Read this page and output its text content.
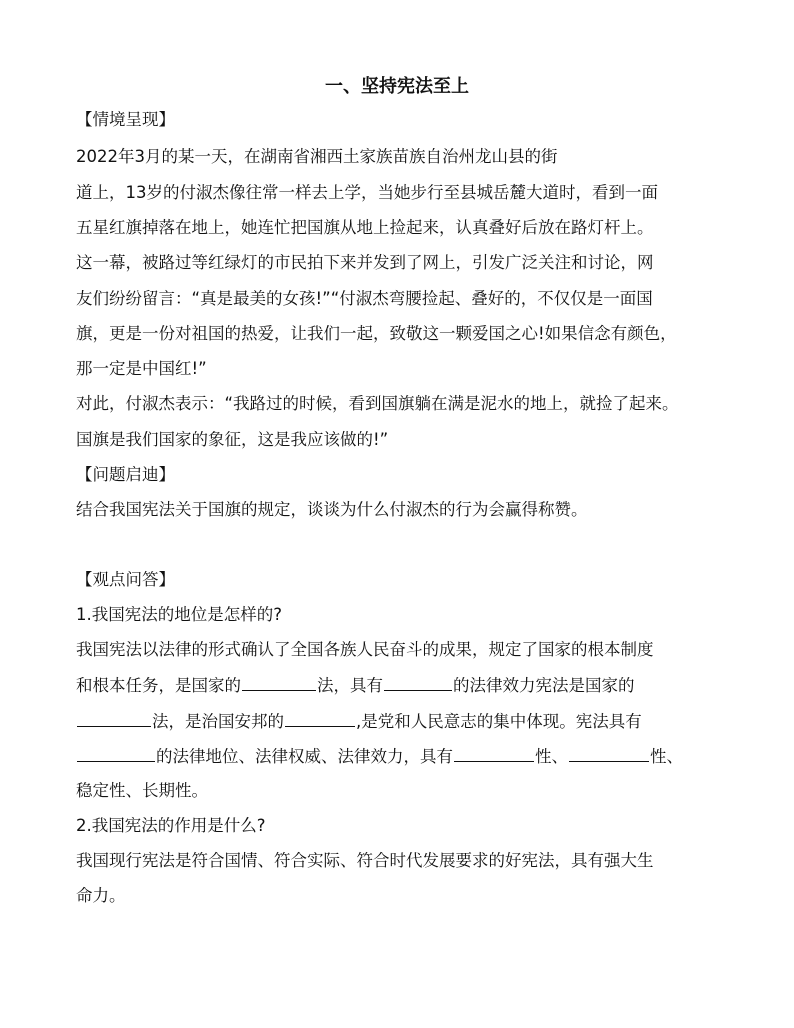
一、坚持宪法至上
【情境呈现】
2022年3月的某一天，在湖南省湘西土家族苗族自治州龙山县的街
道上，13岁的付淑杰像往常一样去上学，当她步行至县城岳麓大道时，看到一面
五星红旗掉落在地上，她连忙把国旗从地上捡起来，认真叠好后放在路灯杆上。
这一幕，被路过等红绿灯的市民拍下来并发到了网上，引发广泛关注和讨论，网
友们纷纷留言：“真是最美的女孩!”“付淑杰弯腰捡起、叠好的，不仅仅是一面国
旗，更是一份对祖国的热爱，让我们一起，致敬这一颗爱国之心!如果信念有颜色，
那一定是中国红!”
对此，付淑杰表示：“我路过的时候，看到国旗躺在满是泥水的地上，就捡了起来。
国旗是我们国家的象征，这是我应该做的!”
【问题启迪】
结合我国宪法关于国旗的规定，谈谈为什么付淑杰的行为会赢得称赞。
【观点问答】
1.我国宪法的地位是怎样的?
我国宪法以法律的形式确认了全国各族人民奋斗的成果，规定了国家的根本制度
和根本任务，是国家的	法，具有	的法律效力宪法是国家的
法，是治国安邦的	,是党和人民意志的集中体现。宪法具有
的法律地位、法律权威、法律效力，具有	性、	性、
稳定性、长期性。
2.我国宪法的作用是什么?
我国现行宪法是符合国情、符合实际、符合时代发展要求的好宪法，具有强大生
命力。
